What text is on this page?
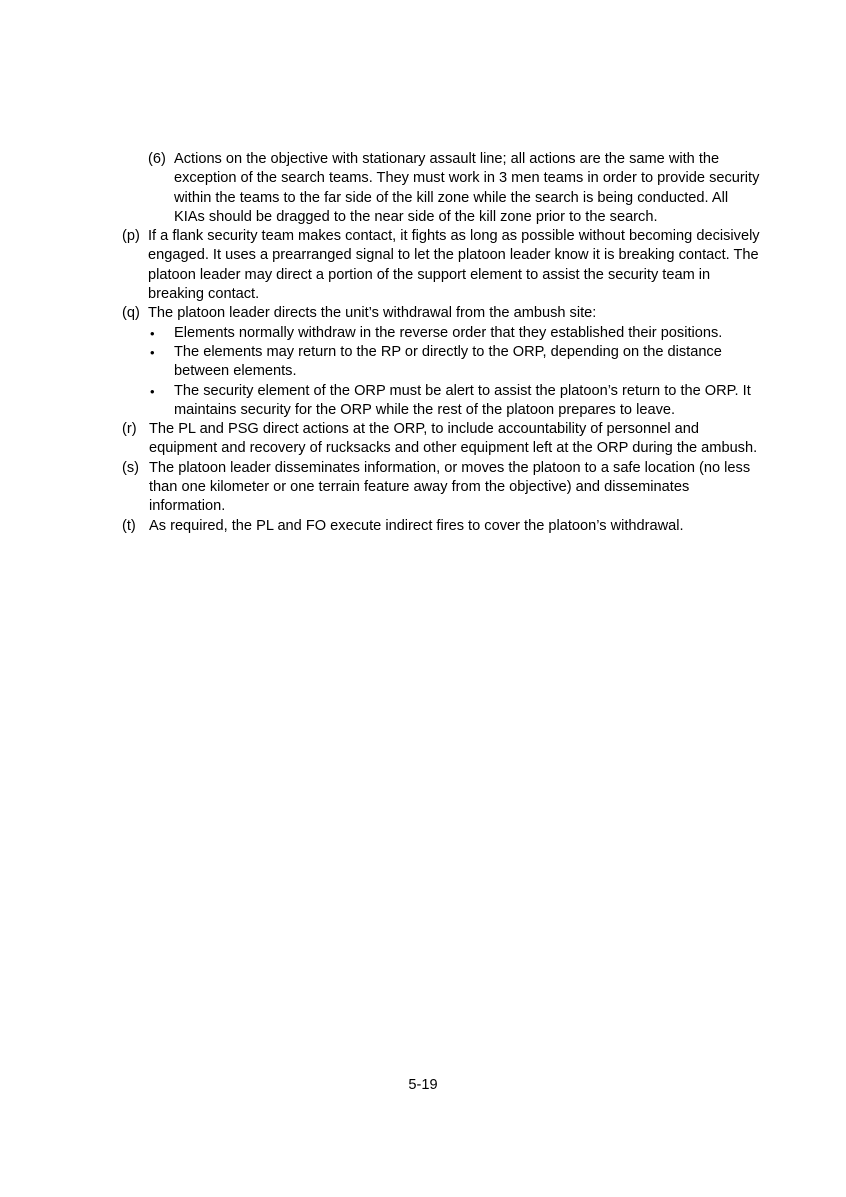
(6) Actions on the objective with stationary assault line; all actions are the same with the exception of the search teams. They must work in 3 men teams in order to provide security within the teams to the far side of the kill zone while the search is being conducted. All KIAs should be dragged to the near side of the kill zone prior to the search.
(p) If a flank security team makes contact, it fights as long as possible without becoming decisively engaged. It uses a prearranged signal to let the platoon leader know it is breaking contact. The platoon leader may direct a portion of the support element to assist the security team in breaking contact.
(q) The platoon leader directs the unit’s withdrawal from the ambush site:
• Elements normally withdraw in the reverse order that they established their positions.
• The elements may return to the RP or directly to the ORP, depending on the distance between elements.
• The security element of the ORP must be alert to assist the platoon’s return to the ORP. It maintains security for the ORP while the rest of the platoon prepares to leave.
(r) The PL and PSG direct actions at the ORP, to include accountability of personnel and equipment and recovery of rucksacks and other equipment left at the ORP during the ambush.
(s) The platoon leader disseminates information, or moves the platoon to a safe location (no less than one kilometer or one terrain feature away from the objective) and disseminates information.
(t) As required, the PL and FO execute indirect fires to cover the platoon’s withdrawal.
5-19
